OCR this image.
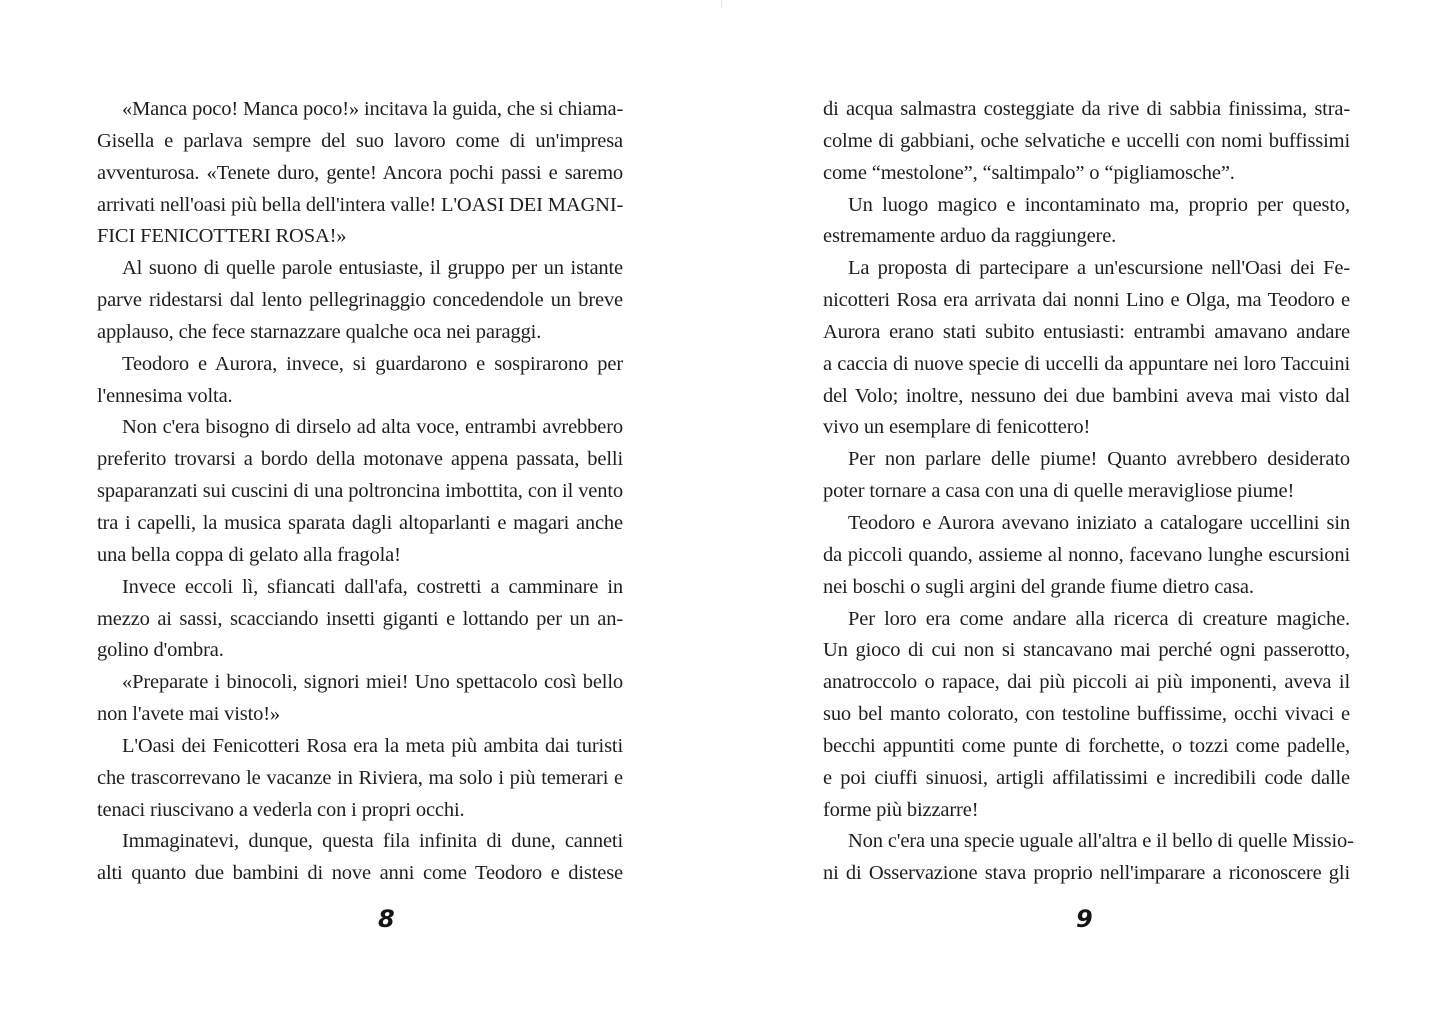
«Manca poco! Manca poco!» incitava la guida, che si chiama-
Gisella e parlava sempre del suo lavoro come di un'impresa
avventurosa. «Tenete duro, gente! Ancora pochi passi e saremo
arrivati nell'oasi più bella dell'intera valle! L'OASI DEI MAGNI-
FICI FENICOTTERI ROSA!»
Al suono di quelle parole entusiaste, il gruppo per un istante
parve ridestarsi dal lento pellegrinaggio concedendole un breve
applauso, che fece starnazzare qualche oca nei paraggi.
Teodoro e Aurora, invece, si guardarono e sospirarono per
l'ennesima volta.
Non c'era bisogno di dirselo ad alta voce, entrambi avrebbero
preferito trovarsi a bordo della motonave appena passata, belli
spaparanzati sui cuscini di una poltroncina imbottita, con il vento
tra i capelli, la musica sparata dagli altoparlanti e magari anche
una bella coppa di gelato alla fragola!
Invece eccoli lì, sfiancati dall'afa, costretti a camminare in
mezzo ai sassi, scacciando insetti giganti e lottando per un an-
golino d'ombra.
«Preparate i binocoli, signori miei! Uno spettacolo così bello
non l'avete mai visto!»
L'Oasi dei Fenicotteri Rosa era la meta più ambita dai turisti
che trascorrevano le vacanze in Riviera, ma solo i più temerari e
tenaci riuscivano a vederla con i propri occhi.
Immaginatevi, dunque, questa fila infinita di dune, canneti
alti quanto due bambini di nove anni come Teodoro e distese
8
di acqua salmastra costeggiate da rive di sabbia finissima, stra-
colme di gabbiani, oche selvatiche e uccelli con nomi buffissimi
come “mestolone”, “saltimpalo” o “pigliamosche”.
Un luogo magico e incontaminato ma, proprio per questo,
estremamente arduo da raggiungere.
La proposta di partecipare a un'escursione nell'Oasi dei Fe-
nicotteri Rosa era arrivata dai nonni Lino e Olga, ma Teodoro e
Aurora erano stati subito entusiasti: entrambi amavano andare
a caccia di nuove specie di uccelli da appuntare nei loro Taccuini
del Volo; inoltre, nessuno dei due bambini aveva mai visto dal
vivo un esemplare di fenicottero!
Per non parlare delle piume! Quanto avrebbero desiderato
poter tornare a casa con una di quelle meravigliose piume!
Teodoro e Aurora avevano iniziato a catalogare uccellini sin
da piccoli quando, assieme al nonno, facevano lunghe escursioni
nei boschi o sugli argini del grande fiume dietro casa.
Per loro era come andare alla ricerca di creature magiche.
Un gioco di cui non si stancavano mai perché ogni passerotto,
anatroccolo o rapace, dai più piccoli ai più imponenti, aveva il
suo bel manto colorato, con testoline buffissime, occhi vivaci e
becchi appuntiti come punte di forchette, o tozzi come padelle,
e poi ciuffi sinuosi, artigli affilatissimi e incredibili code dalle
forme più bizzarre!
Non c'era una specie uguale all'altra e il bello di quelle Missio-
ni di Osservazione stava proprio nell'imparare a riconoscere gli
9
